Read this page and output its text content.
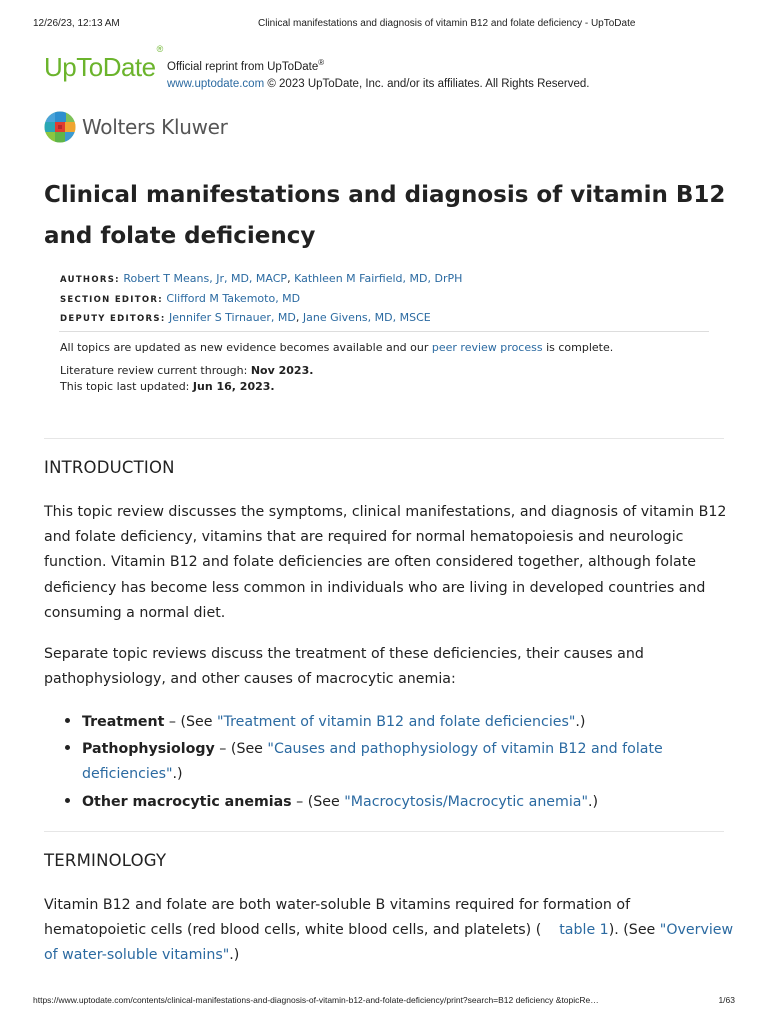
12/26/23, 12:13 AM	Clinical manifestations and diagnosis of vitamin B12 and folate deficiency - UpToDate
UpToDate®
Official reprint from UpToDate®
www.uptodate.com © 2023 UpToDate, Inc. and/or its affiliates. All Rights Reserved.
Wolters Kluwer
Clinical manifestations and diagnosis of vitamin B12 and folate deficiency
AUTHORS: Robert T Means, Jr, MD, MACP, Kathleen M Fairfield, MD, DrPH
SECTION EDITOR: Clifford M Takemoto, MD
DEPUTY EDITORS: Jennifer S Tirnauer, MD, Jane Givens, MD, MSCE

All topics are updated as new evidence becomes available and our peer review process is complete.

Literature review current through: Nov 2023.
This topic last updated: Jun 16, 2023.
INTRODUCTION

This topic review discusses the symptoms, clinical manifestations, and diagnosis of vitamin B12 and folate deficiency, vitamins that are required for normal hematopoiesis and neurologic function. Vitamin B12 and folate deficiencies are often considered together, although folate deficiency has become less common in individuals who are living in developed countries and consuming a normal diet.

Separate topic reviews discuss the treatment of these deficiencies, their causes and pathophysiology, and other causes of macrocytic anemia:

• Treatment – (See "Treatment of vitamin B12 and folate deficiencies".)
• Pathophysiology – (See "Causes and pathophysiology of vitamin B12 and folate deficiencies".)
• Other macrocytic anemias – (See "Macrocytosis/Macrocytic anemia".)
TERMINOLOGY

Vitamin B12 and folate are both water-soluble B vitamins required for formation of hematopoietic cells (red blood cells, white blood cells, and platelets) ( table 1). (See "Overview of water-soluble vitamins".)

https://www.uptodate.com/contents/clinical-manifestations-and-diagnosis-of-vitamin-b12-and-folate-deficiency/print?search=B12 deficiency &topicRe…	1/63
